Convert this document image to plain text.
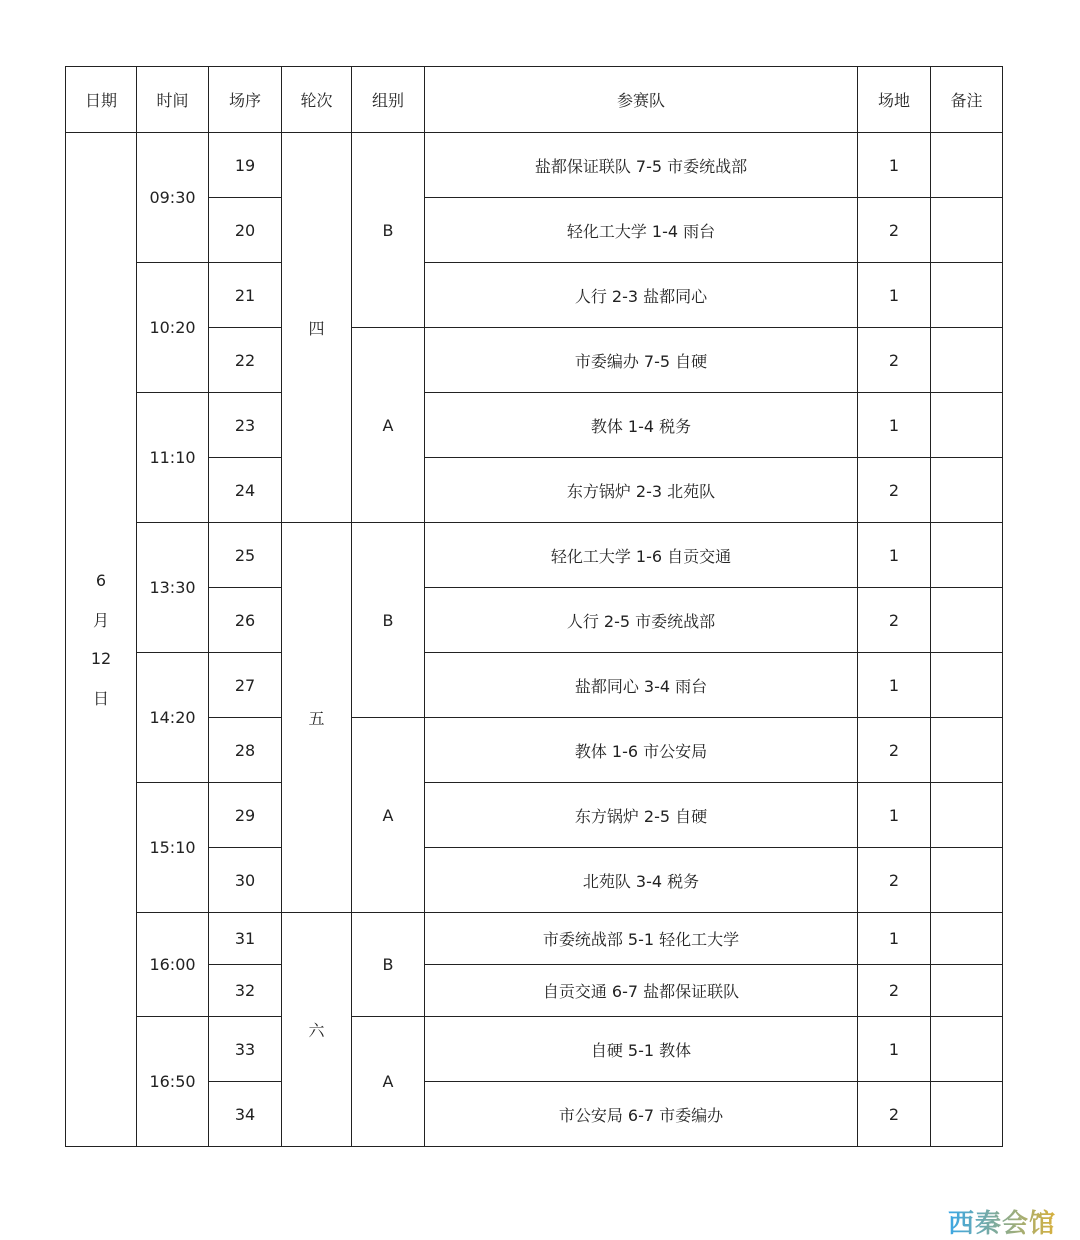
日期	时间	场序	轮次	组别	参赛队	场地	备注

6
月
12
日	09:30	19	四	B	盐都保证联队 7-5 市委统战部	1	
		20			轻化工大学 1-4 雨台	2	
	10:20	21			人行 2-3 盐都同心	1	
		22		A	市委编办 7-5 自硬	2	
	11:10	23			教体 1-4 税务	1	
		24			东方锅炉 2-3 北苑队	2	
	13:30	25	五	B	轻化工大学 1-6 自贡交通	1	
		26			人行 2-5 市委统战部	2	
	14:20	27			盐都同心 3-4 雨台	1	
		28		A	教体 1-6 市公安局	2	
	15:10	29			东方锅炉 2-5 自硬	1	
		30			北苑队 3-4 税务	2	
	16:00	31	六	B	市委统战部 5-1 轻化工大学	1	
		32			自贡交通 6-7 盐都保证联队	2	
	16:50	33		A	自硬 5-1 教体	1	
		34			市公安局 6-7 市委编办	2	
西秦会馆
